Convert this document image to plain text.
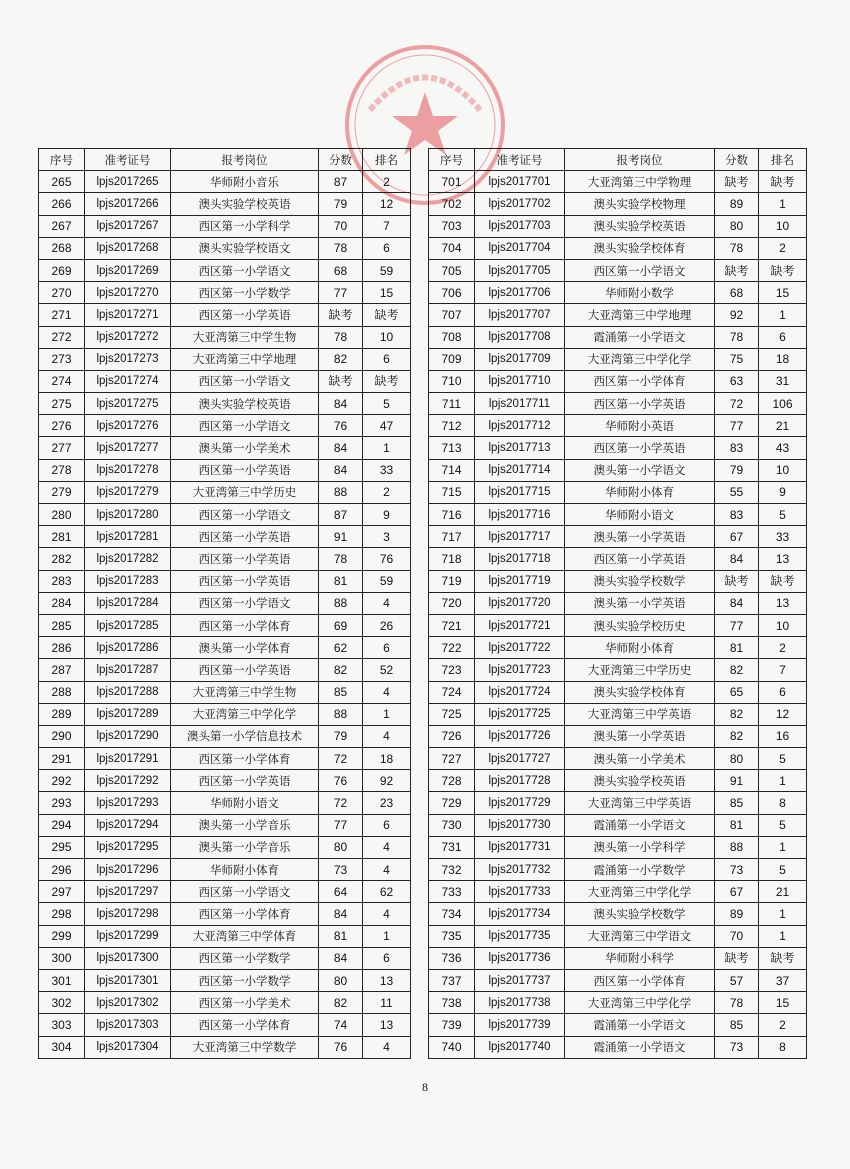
序号	准考证号	报考岗位	分数	排名
265	lpjs2017265	华师附小音乐	87	2
266	lpjs2017266	澳头实验学校英语	79	12
267	lpjs2017267	西区第一小学科学	70	7
268	lpjs2017268	澳头实验学校语文	78	6
269	lpjs2017269	西区第一小学语文	68	59
270	lpjs2017270	西区第一小学数学	77	15
271	lpjs2017271	西区第一小学英语	缺考	缺考
272	lpjs2017272	大亚湾第三中学生物	78	10
273	lpjs2017273	大亚湾第三中学地理	82	6
274	lpjs2017274	西区第一小学语文	缺考	缺考
275	lpjs2017275	澳头实验学校英语	84	5
276	lpjs2017276	西区第一小学语文	76	47
277	lpjs2017277	澳头第一小学美术	84	1
278	lpjs2017278	西区第一小学英语	84	33
279	lpjs2017279	大亚湾第三中学历史	88	2
280	lpjs2017280	西区第一小学语文	87	9
281	lpjs2017281	西区第一小学英语	91	3
282	lpjs2017282	西区第一小学英语	78	76
283	lpjs2017283	西区第一小学英语	81	59
284	lpjs2017284	西区第一小学语文	88	4
285	lpjs2017285	西区第一小学体育	69	26
286	lpjs2017286	澳头第一小学体育	62	6
287	lpjs2017287	西区第一小学英语	82	52
288	lpjs2017288	大亚湾第三中学生物	85	4
289	lpjs2017289	大亚湾第三中学化学	88	1
290	lpjs2017290	澳头第一小学信息技术	79	4
291	lpjs2017291	西区第一小学体育	72	18
292	lpjs2017292	西区第一小学英语	76	92
293	lpjs2017293	华师附小语文	72	23
294	lpjs2017294	澳头第一小学音乐	77	6
295	lpjs2017295	澳头第一小学音乐	80	4
296	lpjs2017296	华师附小体育	73	4
297	lpjs2017297	西区第一小学语文	64	62
298	lpjs2017298	西区第一小学体育	84	4
299	lpjs2017299	大亚湾第三中学体育	81	1
300	lpjs2017300	西区第一小学数学	84	6
301	lpjs2017301	西区第一小学数学	80	13
302	lpjs2017302	西区第一小学美术	82	11
303	lpjs2017303	西区第一小学体育	74	13
304	lpjs2017304	大亚湾第三中学数学	76	4
序号	准考证号	报考岗位	分数	排名
701	lpjs2017701	大亚湾第三中学物理	缺考	缺考
702	lpjs2017702	澳头实验学校物理	89	1
703	lpjs2017703	澳头实验学校英语	80	10
704	lpjs2017704	澳头实验学校体育	78	2
705	lpjs2017705	西区第一小学语文	缺考	缺考
706	lpjs2017706	华师附小数学	68	15
707	lpjs2017707	大亚湾第三中学地理	92	1
708	lpjs2017708	霞涌第一小学语文	78	6
709	lpjs2017709	大亚湾第三中学化学	75	18
710	lpjs2017710	西区第一小学体育	63	31
711	lpjs2017711	西区第一小学英语	72	106
712	lpjs2017712	华师附小英语	77	21
713	lpjs2017713	西区第一小学英语	83	43
714	lpjs2017714	澳头第一小学语文	79	10
715	lpjs2017715	华师附小体育	55	9
716	lpjs2017716	华师附小语文	83	5
717	lpjs2017717	澳头第一小学英语	67	33
718	lpjs2017718	西区第一小学英语	84	13
719	lpjs2017719	澳头实验学校数学	缺考	缺考
720	lpjs2017720	澳头第一小学英语	84	13
721	lpjs2017721	澳头实验学校历史	77	10
722	lpjs2017722	华师附小体育	81	2
723	lpjs2017723	大亚湾第三中学历史	82	7
724	lpjs2017724	澳头实验学校体育	65	6
725	lpjs2017725	大亚湾第三中学英语	82	12
726	lpjs2017726	澳头第一小学英语	82	16
727	lpjs2017727	澳头第一小学美术	80	5
728	lpjs2017728	澳头实验学校英语	91	1
729	lpjs2017729	大亚湾第三中学英语	85	8
730	lpjs2017730	霞涌第一小学语文	81	5
731	lpjs2017731	澳头第一小学科学	88	1
732	lpjs2017732	霞涌第一小学数学	73	5
733	lpjs2017733	大亚湾第三中学化学	67	21
734	lpjs2017734	澳头实验学校数学	89	1
735	lpjs2017735	大亚湾第三中学语文	70	1
736	lpjs2017736	华师附小科学	缺考	缺考
737	lpjs2017737	西区第一小学体育	57	37
738	lpjs2017738	大亚湾第三中学化学	78	15
739	lpjs2017739	霞涌第一小学语文	85	2
740	lpjs2017740	霞涌第一小学语文	73	8
8
